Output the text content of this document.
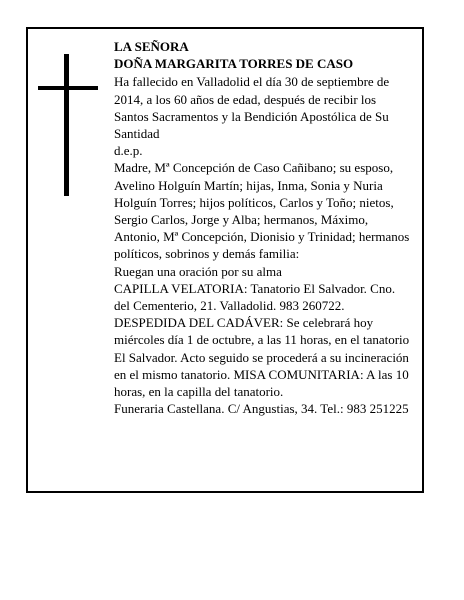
LA SEÑORA

DOÑA MARGARITA TORRES DE CASO

Ha fallecido en Valladolid el día 30 de septiembre de 2014, a los 60 años de edad, después de recibir los Santos Sacramentos y la Bendición Apostólica de Su Santidad

d.e.p.

Madre, Mª Concepción de Caso Cañibano; su esposo, Avelino Holguín Martín; hijas, Inma, Sonia y Nuria Holguín Torres; hijos políticos, Carlos y Toño; nietos, Sergio Carlos, Jorge y Alba; hermanos, Máximo, Antonio, Mª Concepción, Dionisio y Trinidad; hermanos políticos, sobrinos y demás familia:

Ruegan una oración por su alma

CAPILLA VELATORIA: Tanatorio El Salvador. Cno. del Cementerio, 21. Valladolid. 983 260722.

DESPEDIDA DEL CADÁVER: Se celebrará hoy miércoles día 1 de octubre, a las 11 horas, en el tanatorio El Salvador. Acto seguido se procederá a su incineración en el mismo tanatorio. MISA COMUNITARIA: A las 10 horas, en la capilla del tanatorio.

Funeraria Castellana. C/ Angustias, 34. Tel.: 983 251225
